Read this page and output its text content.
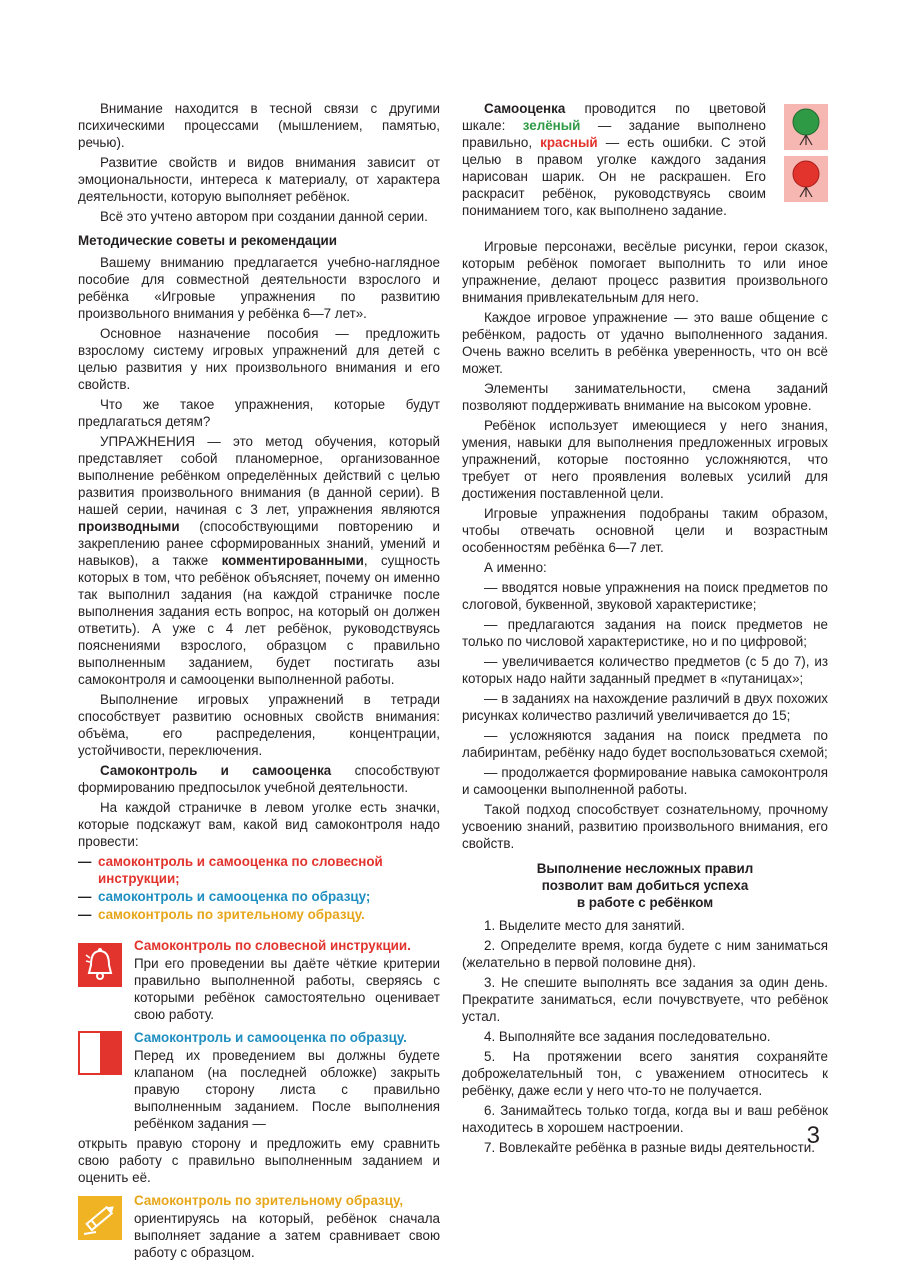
Внимание находится в тесной связи с другими психическими процессами (мышлением, памятью, речью).

Развитие свойств и видов внимания зависит от эмоциональности, интереса к материалу, от характера деятельности, которую выполняет ребёнок.

Всё это учтено автором при создании данной серии.

Методические советы и рекомендации

Вашему вниманию предлагается учебно-наглядное пособие для совместной деятельности взрослого и ребёнка «Игровые упражнения по развитию произвольного внимания у ребёнка 6—7 лет».

Основное назначение пособия — предложить взрослому систему игровых упражнений для детей с целью развития у них произвольного внимания и его свойств.

Что же такое упражнения, которые будут предлагаться детям?

УПРАЖНЕНИЯ — это метод обучения, который представляет собой планомерное, организованное выполнение ребёнком определённых действий с целью развития произвольного внимания (в данной серии). В нашей серии, начиная с 3 лет, упражнения являются производными (способствующими повторению и закреплению ранее сформированных знаний, умений и навыков), а также комментированными, сущность которых в том, что ребёнок объясняет, почему он именно так выполнил задания (на каждой страничке после выполнения задания есть вопрос, на который он должен ответить). А уже с 4 лет ребёнок, руководствуясь пояснениями взрослого, образцом с правильно выполненным заданием, будет постигать азы самоконтроля и самооценки выполненной работы.

Выполнение игровых упражнений в тетради способствует развитию основных свойств внимания: объёма, его распределения, концентрации, устойчивости, переключения.

Самоконтроль и самооценка способствуют формированию предпосылок учебной деятельности.

На каждой страничке в левом уголке есть значки, которые подскажут вам, какой вид самоконтроля надо провести:

— самоконтроль и самооценка по словесной инструкции;
— самоконтроль и самооценка по образцу;
— самоконтроль по зрительному образцу.
Самоконтроль по словесной инструкции.

При его проведении вы даёте чёткие критерии правильно выполненной работы, сверяясь с которыми ребёнок самостоятельно оценивает свою работу.

Самоконтроль и самооценка по образцу.

Перед их проведением вы должны будете клапаном (на последней обложке) закрыть правую сторону листа с правильно выполненным заданием. После выполнения ребёнком задания —

открыть правую сторону и предложить ему сравнить свою работу с правильно выполненным заданием и оценить её.

Самоконтроль по зрительному образцу,

ориентируясь на который, ребёнок сначала выполняет задание а затем сравнивает свою работу с образцом.

Самооценка проводится по цветовой шкале: зелёный — задание выполнено правильно, красный — есть ошибки. С этой целью в правом уголке каждого задания нарисован шарик. Он не раскрашен. Его раскрасит ребёнок, руководствуясь своим пониманием того, как выполнено задание.

Игровые персонажи, весёлые рисунки, герои сказок, которым ребёнок помогает выполнить то или иное упражнение, делают процесс развития произвольного внимания привлекательным для него.

Каждое игровое упражнение — это ваше общение с ребёнком, радость от удачно выполненного задания. Очень важно вселить в ребёнка уверенность, что он всё может.

Элементы занимательности, смена заданий позволяют поддерживать внимание на высоком уровне.

Ребёнок использует имеющиеся у него знания, умения, навыки для выполнения предложенных игровых упражнений, которые постоянно усложняются, что требует от него проявления волевых усилий для достижения поставленной цели.

Игровые упражнения подобраны таким образом, чтобы отвечать основной цели и возрастным особенностям ребёнка 6—7 лет.

А именно:

— вводятся новые упражнения на поиск предметов по слоговой, буквенной, звуковой характеристике;

— предлагаются задания на поиск предметов не только по числовой характеристике, но и по цифровой;

— увеличивается количество предметов (с 5 до 7), из которых надо найти заданный предмет в «путаницах»;

— в заданиях на нахождение различий в двух похожих рисунках количество различий увеличивается до 15;

— усложняются задания на поиск предмета по лабиринтам, ребёнку надо будет воспользоваться схемой;

— продолжается формирование навыка самоконтроля и самооценки выполненной работы.

Такой подход способствует сознательному, прочному усвоению знаний, развитию произвольного внимания, его свойств.

Выполнение несложных правил
позволит вам добиться успеха
в работе с ребёнком

1. Выделите место для занятий.

2. Определите время, когда будете с ним заниматься (желательно в первой половине дня).

3. Не спешите выполнять все задания за один день. Прекратите заниматься, если почувствуете, что ребёнок устал.

4. Выполняйте все задания последовательно.

5. На протяжении всего занятия сохраняйте доброжелательный тон, с уважением относитесь к ребёнку, даже если у него что-то не получается.

6. Занимайтесь только тогда, когда вы и ваш ребёнок находитесь в хорошем настроении.

7. Вовлекайте ребёнка в разные виды деятельности.

3
